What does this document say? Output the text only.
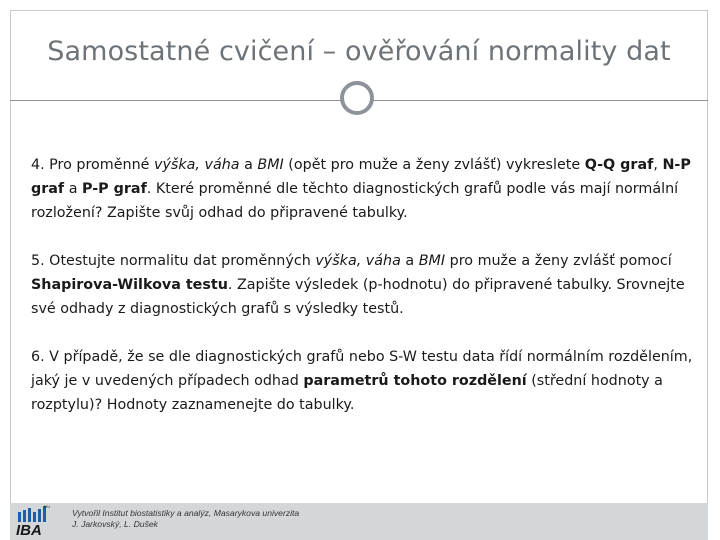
Samostatné cvičení – ověřování normality dat

4. Pro proměnné výška, váha a BMI (opět pro muže a ženy zvlášť) vykreslete Q-Q graf, N-P graf a P-P graf. Které proměnné dle těchto diagnostických grafů podle vás mají normální rozložení? Zapište svůj odhad do připravené tabulky.

5. Otestujte normalitu dat proměnných výška, váha a BMI pro muže a ženy zvlášť pomocí Shapirova-Wilkova testu. Zapište výsledek (p-hodnotu) do připravené tabulky. Srovnejte své odhady z diagnostických grafů s výsledky testů.

6. V případě, že se dle diagnostických grafů nebo S-W testu data řídí normálním rozdělením, jaký je v uvedených případech odhad parametrů tohoto rozdělení (střední hodnoty a rozptylu)? Hodnoty zaznamenejte do tabulky.

MU
IBA
Vytvořil Institut biostatistiky a analýz, Masarykova univerzita
J. Jarkovský, L. Dušek
